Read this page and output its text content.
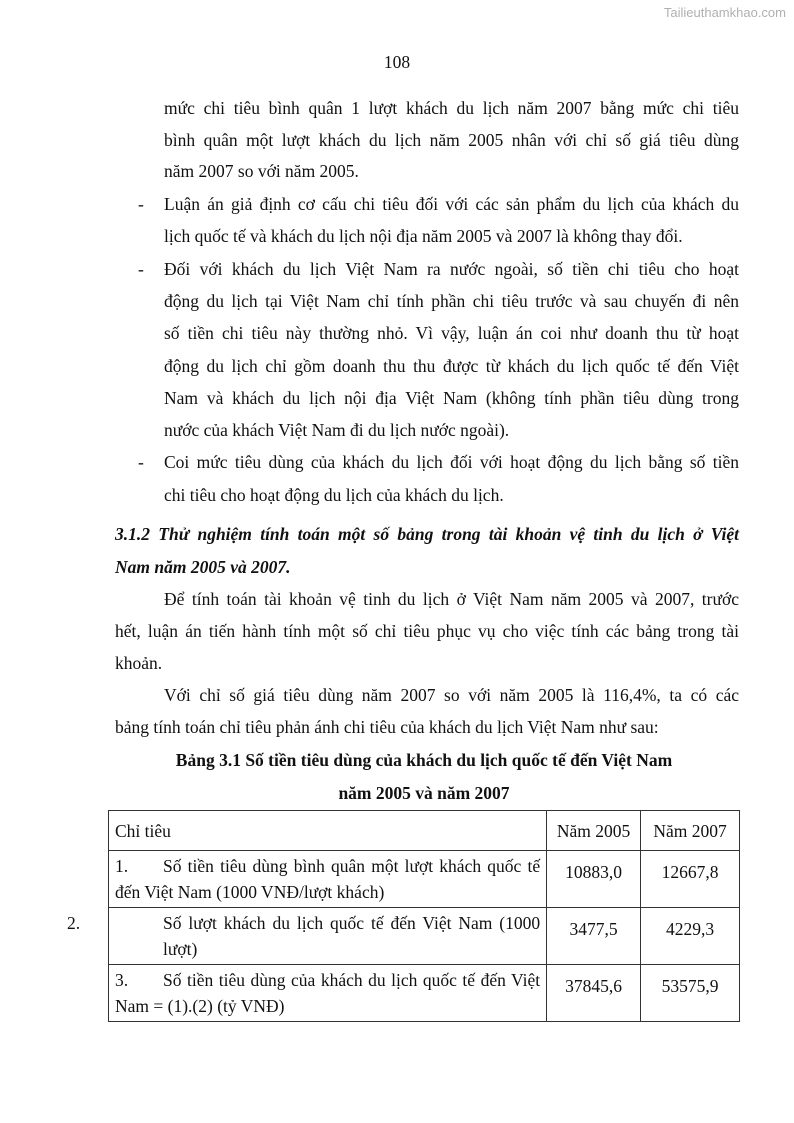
Tailieuthamkhao.com
108
-
-
-
mức chi tiêu bình quân 1 lượt khách du lịch năm 2007 bằng mức chi tiêu
bình quân một lượt khách du lịch năm 2005 nhân với chỉ số giá tiêu dùng
năm 2007 so với năm 2005.
Luận án giả định cơ cấu chi tiêu đối với các sản phẩm du lịch của khách du
lịch quốc tế và khách du lịch nội địa năm 2005 và 2007 là không thay đổi.
Đối với khách du lịch Việt Nam ra nước ngoài, số tiền chi tiêu cho hoạt
động du lịch tại Việt Nam chỉ tính phần chi tiêu trước và sau chuyến đi nên
số tiền chi tiêu này thường nhỏ. Vì vậy, luận án coi như doanh thu từ hoạt
động du lịch chỉ gồm doanh thu thu được từ khách du lịch quốc tế đến Việt
Nam và khách du lịch nội địa Việt Nam (không tính phần tiêu dùng trong
nước của khách Việt Nam đi du lịch nước ngoài).
Coi mức tiêu dùng của khách du lịch đối với hoạt động du lịch bằng số tiền
chi tiêu cho hoạt động du lịch của khách du lịch.
3.1.2 Thử nghiệm tính toán một số bảng trong tài khoản vệ tinh du lịch ở Việt
Nam năm 2005 và 2007.
Để tính toán tài khoản vệ tinh du lịch ở Việt Nam năm 2005 và 2007, trước
hết, luận án tiến hành tính một số chỉ tiêu phục vụ cho việc tính các bảng trong tài
khoản.
Với chỉ số giá tiêu dùng năm 2007 so với năm 2005 là 116,4%, ta có các
bảng tính toán chỉ tiêu phản ánh chi tiêu của khách du lịch Việt Nam như sau:
Bảng 3.1 Số tiền tiêu dùng của khách du lịch quốc tế đến Việt Nam
năm 2005 và năm 2007
Chỉ tiêu	Năm 2005	Năm 2007
1. Số tiền tiêu dùng bình quân một lượt khách quốc tế đến Việt Nam (1000 VNĐ/lượt khách)	10883,0	12667,8
2. Số lượt khách du lịch quốc tế đến Việt Nam (1000 lượt)	3477,5	4229,3
3. Số tiền tiêu dùng của khách du lịch quốc tế đến Việt Nam = (1).(2) (tỷ VNĐ)	37845,6	53575,9
